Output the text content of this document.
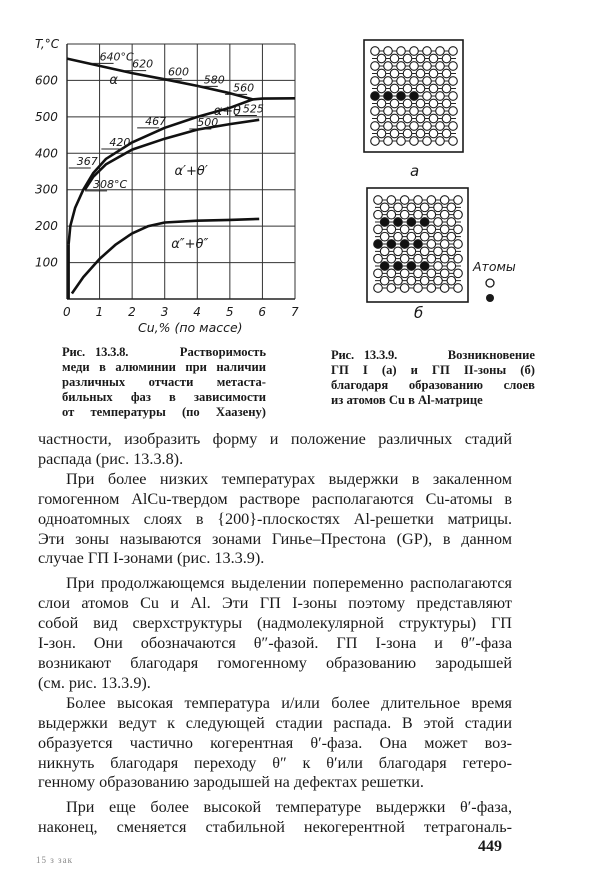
0 1 2 3 4 5 6 7
100
200
300
400
500
600
T,°C
Cu,% (по массе)
640°C
620
600
580
560
525
500
467
420
367
308°C
α
α+θ
α′+θ′
α″+θ″
а
б
Атомы
Рис. 13.3.8.	Растворимость
меди в алюминии при наличии
различных отчасти метаста-
бильных фаз в зависимости
от температуры (по Хаазену)
Рис. 13.3.9.	Возникновение
ГП I (а) и ГП II-зоны (б)
благодаря образованию слоев
из атомов Cu в Al-матрице
частности, изобразить форму и положение различных стадий
распада (рис. 13.3.8).
При более низких температурах выдержки в закаленном
гомогенном AlCu-твердом растворе располагаются Cu-атомы в
одноатомных слоях в {200}-плоскостях Al-решетки матрицы.
Эти зоны называются зонами Гинье–Престона (GP), в данном
случае ГП I-зонами (рис. 13.3.9).
При продолжающемся выделении попеременно располагаются
слои атомов Cu и Al. Эти ГП I-зоны поэтому представляют
собой вид сверхструктуры (надмолекулярной структуры) ГП
I-зон. Они обозначаются θ″-фазой. ГП I-зона и θ″-фаза
возникают благодаря гомогенному образованию зародышей
(см. рис. 13.3.9).
Более высокая температура и/или более длительное время
выдержки ведут к следующей стадии распада. В этой стадии
образуется частично когерентная θ′-фаза. Она может воз-
никнуть благодаря переходу θ″ к θ′или благодаря гетеро-
генному образованию зародышей на дефектах решетки.
При еще более высокой температуре выдержки θ′-фаза,
наконец, сменяется стабильной некогерентной тетрагональ-
449
15 з зак
